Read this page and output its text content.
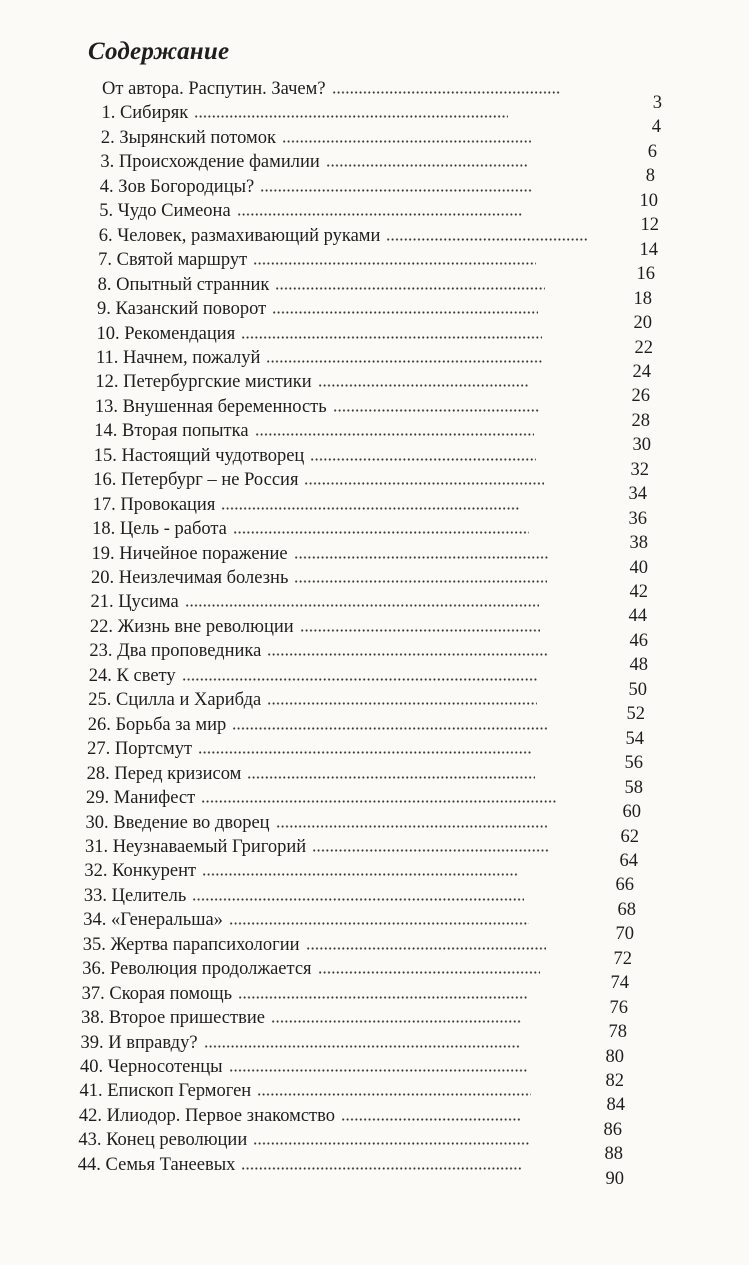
Содержание
От автора. Распутин. Зачем?
3
1. Сибиряк
4
2. Зырянский потомок
6
3. Происхождение фамилии
8
4. Зов Богородицы?
10
5. Чудо Симеона
12
6. Человек, размахивающий руками
14
7. Святой маршрут
16
8. Опытный странник
18
9. Казанский поворот
20
10. Рекомендация
22
11. Начнем, пожалуй
24
12. Петербургские мистики
26
13. Внушенная беременность
28
14. Вторая попытка
30
15. Настоящий чудотворец
32
16. Петербург – не Россия
34
17. Провокация
36
18. Цель - работа
38
19. Ничейное поражение
40
20. Неизлечимая болезнь
42
21. Цусима
44
22. Жизнь вне революции
46
23. Два проповедника
48
24. К свету
50
25. Сцилла и Харибда
52
26. Борьба за мир
54
27. Портсмут
56
28. Перед кризисом
58
29. Манифест
60
30. Введение во дворец
62
31. Неузнаваемый Григорий
64
32. Конкурент
66
33. Целитель
68
34. «Генеральша»
70
35. Жертва парапсихологии
72
36. Революция продолжается
74
37. Скорая помощь
76
38. Второе пришествие
78
39. И вправду?
80
40. Черносотенцы
82
41. Епископ Гермоген
84
42. Илиодор. Первое знакомство
86
43. Конец революции
88
44. Семья Танеевых
90
